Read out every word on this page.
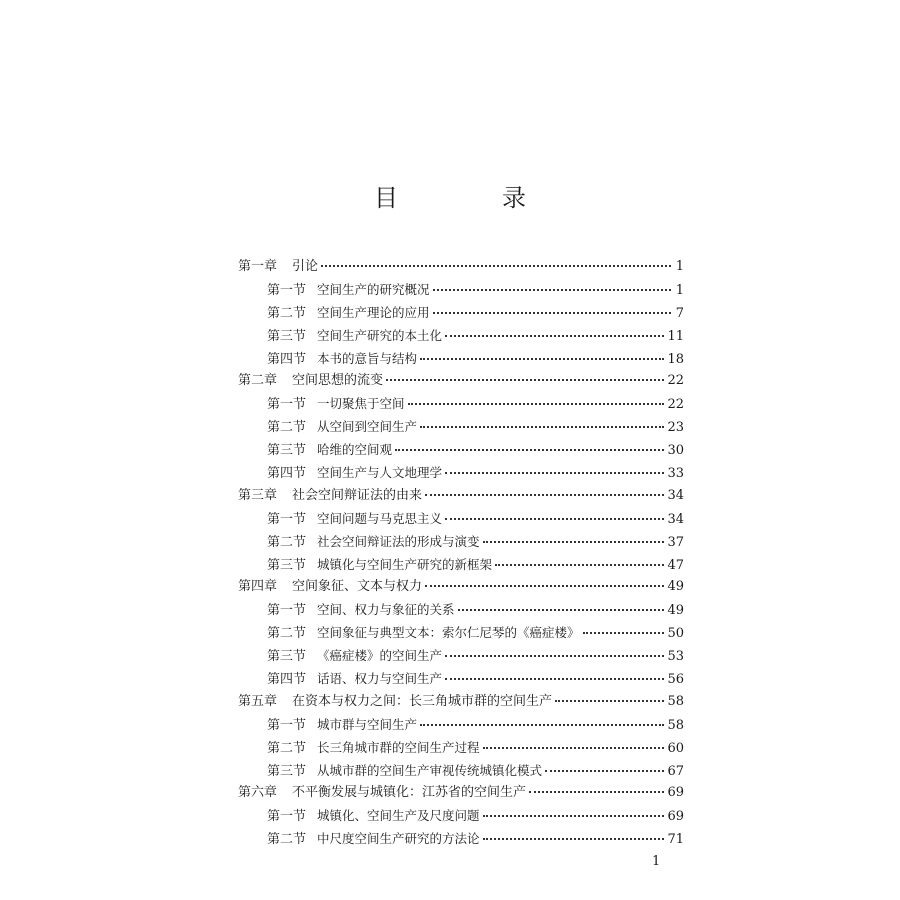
目　录
第一章	引论	1
第一节 空间生产的研究概况	1
第二节 空间生产理论的应用	7
第三节 空间生产研究的本土化	11
第四节 本书的意旨与结构	18
第二章	空间思想的流变	22
第一节 一切聚焦于空间	22
第二节 从空间到空间生产	23
第三节 哈维的空间观	30
第四节 空间生产与人文地理学	33
第三章	社会空间辩证法的由来	34
第一节 空间问题与马克思主义	34
第二节 社会空间辩证法的形成与演变	37
第三节 城镇化与空间生产研究的新框架	47
第四章	空间象征、文本与权力	49
第一节 空间、权力与象征的关系	49
第二节 空间象征与典型文本：索尔仁尼琴的《癌症楼》	50
第三节 《癌症楼》的空间生产	53
第四节 话语、权力与空间生产	56
第五章	在资本与权力之间：长三角城市群的空间生产	58
第一节 城市群与空间生产	58
第二节 长三角城市群的空间生产过程	60
第三节 从城市群的空间生产审视传统城镇化模式	67
第六章	不平衡发展与城镇化：江苏省的空间生产	69
第一节 城镇化、空间生产及尺度问题	69
第二节 中尺度空间生产研究的方法论	71
1
